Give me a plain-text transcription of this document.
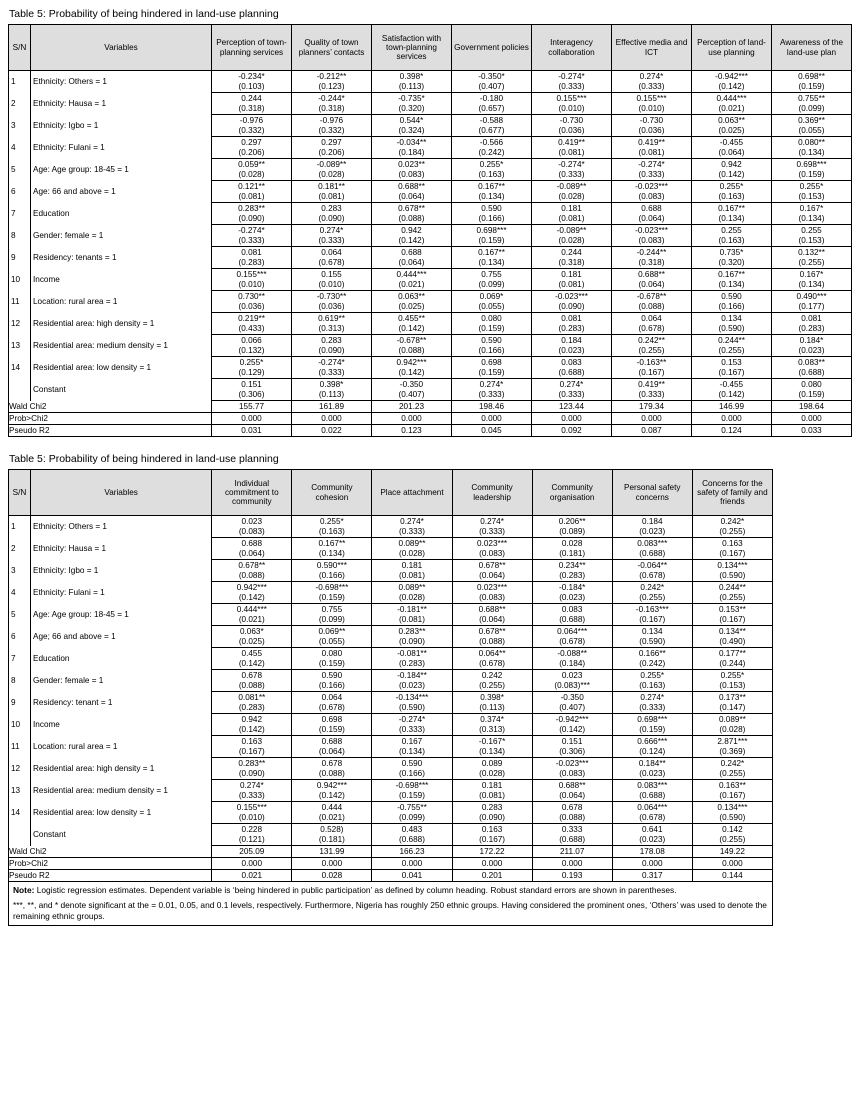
Table 5: Probability of being hindered in land-use planning
S/N	Variables	Perception of town-planning services	Quality of town planners’ contacts	Satisfaction with town-planning services	Government policies	Interagency collaboration	Effective media and ICT	Perception of land-use planning	Awareness of the land-use plan
1	Ethnicity: Others = 1	-0.234*	-0.212**	0.398*	-0.350*	-0.274*	0.274*	-0.942***	0.698**
		(0.103)	(0.123)	(0.113)	(0.407)	(0.333)	(0.333)	(0.142)	(0.159)
2	Ethnicity: Hausa = 1	0.244	-0.244*	-0.735*	-0.180	0.155***	0.155***	0.444***	0.755**
		(0.318)	(0.318)	(0.320)	(0.657)	(0.010)	(0.010)	(0.021)	(0.099)
3	Ethnicity: Igbo = 1	-0.976	-0.976	0.544*	-0.588	-0.730	-0.730	0.063**	0.369**
		(0.332)	(0.332)	(0.324)	(0.677)	(0.036)	(0.036)	(0.025)	(0.055)
4	Ethnicity: Fulani = 1	0.297	0.297	-0.034**	-0.566	0.419**	0.419**	-0.455	0.080**
		(0.206)	(0.206)	(0.184)	(0.242)	(0.081)	(0.081)	(0.064)	(0.134)
5	Age: Age group: 18-45 = 1	0.059**	-0.089**	0.023**	0.255*	-0.274*	-0.274*	0.942	0.698***
		(0.028)	(0.028)	(0.083)	(0.163)	(0.333)	(0.333)	(0.142)	(0.159)
6	Age: 66 and above = 1	0.121**	0.181**	0.688**	0.167**	-0.089**	-0.023***	0.255*	0.255*
		(0.081)	(0.081)	(0.064)	(0.134)	(0.028)	(0.083)	(0.163)	(0.153)
7	Education	0.283**	0.283	0.678**	0.590	0.181	0.688	0.167**	0.167*
		(0.090)	(0.090)	(0.088)	(0.166)	(0.081)	(0.064)	(0.134)	(0.134)
8	Gender: female = 1	-0.274*	0.274*	0.942	0.698***	-0.089**	-0.023***	0.255	0.255
		(0.333)	(0.333)	(0.142)	(0.159)	(0.028)	(0.083)	(0.163)	(0.153)
9	Residency: tenants = 1	0.081	0.064	0.688	0.167**	0.244	-0.244**	0.735*	0.132**
		(0.283)	(0.678)	(0.064)	(0.134)	(0.318)	(0.318)	(0.320)	(0.255)
10	Income	0.155***	0.155	0.444***	0.755	0.181	0.688**	0.167**	0.167*
		(0.010)	(0.010)	(0.021)	(0.099)	(0.081)	(0.064)	(0.134)	(0.134)
11	Location: rural area = 1	0.730**	-0.730**	0.063**	0.069*	-0.023***	-0.678**	0.590	0.490***
		(0.036)	(0.036)	(0.025)	(0.055)	(0.090)	(0.088)	(0.166)	(0.177)
12	Residential area: high density = 1	0.219**	0.619**	0.455**	0.080	0.081	0.064	0.134	0.081
		(0.433)	(0.313)	(0.142)	(0.159)	(0.283)	(0.678)	(0.590)	(0.283)
13	Residential area: medium density = 1	0.066	0.283	-0.678**	0.590	0.184	0.242**	0.244**	0.184*
		(0.132)	(0.090)	(0.088)	(0.166)	(0.023)	(0.255)	(0.255)	(0.023)
14	Residential area: low density = 1	0.255*	-0.274*	0.942***	0.698	0.083	-0.163**	0.153	0.083**
		(0.129)	(0.333)	(0.142)	(0.159)	(0.688)	(0.167)	(0.167)	(0.688)
	Constant	0.151	0.398*	-0.350	0.274*	0.274*	0.419**	-0.455	0.080
		(0.306)	(0.113)	(0.407)	(0.333)	(0.333)	(0.333)	(0.142)	(0.159)
Wald Chi2		155.77	161.89	201.23	198.46	123.44	179.34	146.99	198.64
Prob>Chi2		0.000	0.000	0.000	0.000	0.000	0.000	0.000	0.000
Pseudo R2		0.031	0.022	0.123	0.045	0.092	0.087	0.124	0.033
Table 5: Probability of being hindered in land-use planning
S/N	Variables	Individual commitment to community	Community cohesion	Place attachment	Community leadership	Community organisation	Personal safety concerns	Concerns for the safety of family and friends
1	Ethnicity: Others = 1	0.023	0.255*	0.274*	0.274*	0.206**	0.184	0.242*
		(0.083)	(0.163)	(0.333)	(0.333)	(0.089)	(0.023)	(0.255)
2	Ethnicity: Hausa = 1	0.688	0.167**	0.089**	0.023***	0.028	0.083***	0.163
		(0.064)	(0.134)	(0.028)	(0.083)	(0.181)	(0.688)	(0.167)
3	Ethnicity: Igbo = 1	0.678**	0.590***	0.181	0.678**	0.234**	-0.064**	0.134***
		(0.088)	(0.166)	(0.081)	(0.064)	(0.283)	(0.678)	(0.590)
4	Ethnicity: Fulani = 1	0.942***	-0.698***	0.089**	0.023***	-0.184*	0.242*	0.244**
		(0.142)	(0.159)	(0.028)	(0.083)	(0.023)	(0.255)	(0.255)
5	Age: Age group: 18-45 = 1	0.444***	0.755	-0.181**	0.688**	0.083	-0.163***	0.153**
		(0.021)	(0.099)	(0.081)	(0.064)	(0.688)	(0.167)	(0.167)
6	Age; 66 and above = 1	0.063*	0.069**	0.283**	0.678**	0.064***	0.134	0.134**
		(0.025)	(0.055)	(0.090)	(0.088)	(0.678)	(0.590)	(0.490)
7	Education	0.455	0.080	-0.081**	0.064**	-0.088**	0.166**	0.177**
		(0.142)	(0.159)	(0.283)	(0.678)	(0.184)	(0.242)	(0.244)
8	Gender: female = 1	0.678	0.590	-0.184**	0.242	0.023	0.255*	0.255*
		(0.088)	(0.166)	(0.023)	(0.255)	(0.083)***	(0.163)	(0.153)
9	Residency: tenant = 1	0.081**	0.064	-0.134***	0.398*	-0.350	0.274*	0.173**
		(0.283)	(0.678)	(0.590)	(0.113)	(0.407)	(0.333)	(0.147)
10	Income	0.942	0.698	-0.274*	0.374*	-0.942***	0.698***	0.089**
		(0.142)	(0.159)	(0.333)	(0.313)	(0.142)	(0.159)	(0.028)
11	Location: rural area = 1	0.163	0.688	0.167	-0.167*	0.151	0.666***	2.871***
		(0.167)	(0.064)	(0.134)	(0.134)	(0.306)	(0.124)	(0.369)
12	Residential area: high density = 1	0.283**	0.678	0.590	0.089	-0.023***	0.184**	0.242*
		(0.090)	(0.088)	(0.166)	(0.028)	(0.083)	(0.023)	(0.255)
13	Residential area: medium density = 1	0.274*	0.942***	-0.698***	0.181	0.688**	0.083***	0.163**
		(0.333)	(0.142)	(0.159)	(0.081)	(0.064)	(0.688)	(0.167)
14	Residential area: low density = 1	0.155***	0.444	-0.755**	0.283	0.678	0.064***	0.134***
		(0.010)	(0.021)	(0.099)	(0.090)	(0.088)	(0.678)	(0.590)
	Constant	0.228	0.528)	0.483	0.163	0.333	0.641	0.142
		(0.121)	(0.181)	(0.688)	(0.167)	(0.688)	(0.023)	(0.255)
Wald Chi2		205.09	131.99	166.23	172.22	211.07	178.08	149.22
Prob>Chi2		0.000	0.000	0.000	0.000	0.000	0.000	0.000
Pseudo R2		0.021	0.028	0.041	0.201	0.193	0.317	0.144

Note: Logistic regression estimates. Dependent variable is ‘being hindered in public participation’ as defined by column heading. Robust standard errors are shown in parentheses.

***, **, and * denote significant at the = 0.01, 0.05, and 0.1 levels, respectively. Furthermore, Nigeria has roughly 250 ethnic groups. Having considered the prominent ones, ‘Others’ was used to denote the remaining ethnic groups.
